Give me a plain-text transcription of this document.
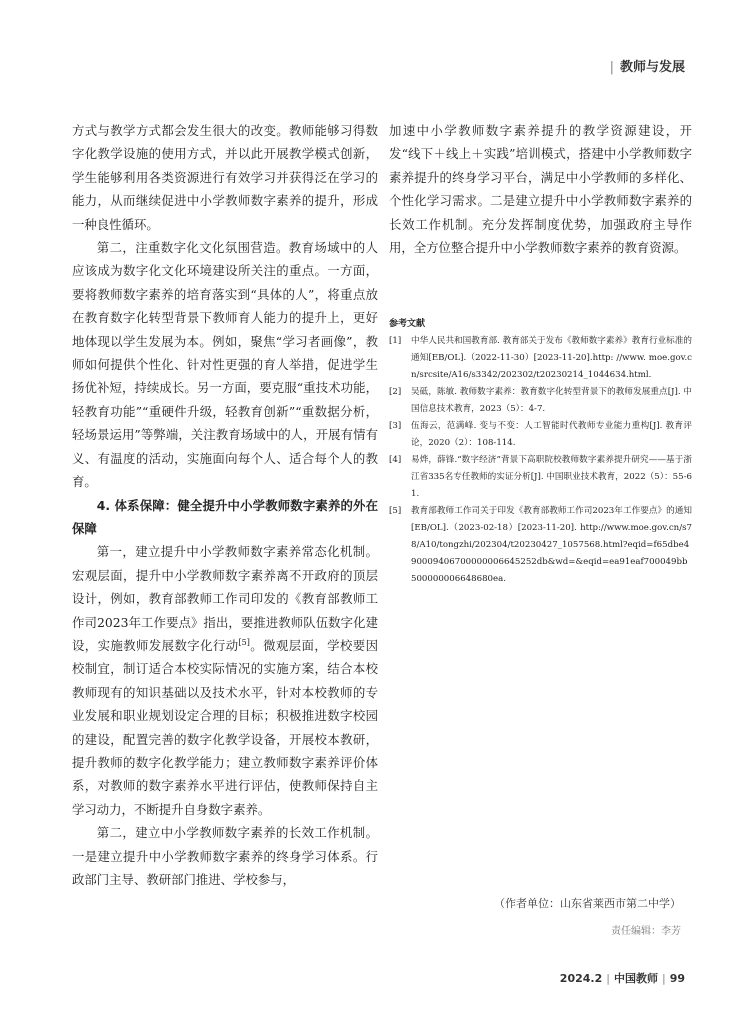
| 教师与发展

方式与教学方式都会发生很大的改变。教师能够习得数字化教学设施的使用方式，并以此开展教学模式创新，学生能够利用各类资源进行有效学习并获得泛在学习的能力，从而继续促进中小学教师数字素养的提升，形成一种良性循环。

第二，注重数字化文化氛围营造。教育场域中的人应该成为数字化文化环境建设所关注的重点。一方面，要将教师数字素养的培育落实到“具体的人”，将重点放在教育数字化转型背景下教师育人能力的提升上，更好地体现以学生发展为本。例如，聚焦“学习者画像”，教师如何提供个性化、针对性更强的育人举措，促进学生扬优补短，持续成长。另一方面，要克服“重技术功能，轻教育功能”“重硬件升级，轻教育创新”“重数据分析，轻场景运用”等弊端，关注教育场域中的人，开展有情有义、有温度的活动，实施面向每个人、适合每个人的教育。

4. 体系保障：健全提升中小学教师数字素养的外在保障

第一，建立提升中小学教师数字素养常态化机制。宏观层面，提升中小学教师数字素养离不开政府的顶层设计，例如，教育部教师工作司印发的《教育部教师工作司2023年工作要点》指出，要推进教师队伍数字化建设，实施教师发展数字化行动[5]。微观层面，学校要因校制宜，制订适合本校实际情况的实施方案，结合本校教师现有的知识基础以及技术水平，针对本校教师的专业发展和职业规划设定合理的目标；积极推进数字校园的建设，配置完善的数字化教学设备，开展校本教研，提升教师的数字化教学能力；建立教师数字素养评价体系，对教师的数字素养水平进行评估，使教师保持自主学习动力，不断提升自身数字素养。

第二，建立中小学教师数字素养的长效工作机制。一是建立提升中小学教师数字素养的终身学习体系。行政部门主导、教研部门推进、学校参与，

加速中小学教师数字素养提升的教学资源建设，开发“线下＋线上＋实践”培训模式，搭建中小学教师数字素养提升的终身学习平台，满足中小学教师的多样化、个性化学习需求。二是建立提升中小学教师数字素养的长效工作机制。充分发挥制度优势，加强政府主导作用，全方位整合提升中小学教师数字素养的教育资源。

参考文献
[1]	中华人民共和国教育部. 教育部关于发布《教师数字素养》教育行业标准的通知[EB/OL].（2022-11-30）[2023-11-20].http: //www. moe.gov.cn/srcsite/A16/s3342/202302/t20230214_1044634.html.
[2]	吴砥，陈敏. 教师数字素养：教育数字化转型背景下的教师发展重点[J]. 中国信息技术教育，2023（5）：4-7.
[3]	伍海云，范满峰. 变与不变：人工智能时代教师专业能力重构[J]. 教育评论，2020（2）：108-114.
[4]	易烨，薛锋.“数字经济”背景下高职院校教师数字素养提升研究——基于浙江省335名专任教师的实证分析[J]. 中国职业技术教育，2022（5）：55-61.
[5]	教育部教师工作司关于印发《教育部教师工作司2023年工作要点》的通知[EB/OL].（2023-02-18）[2023-11-20]. http://www.moe.gov.cn/s78/A10/tongzhi/202304/t20230427_1057568.html?eqid=f65dbe490009406700000006645252db&wd=&eqid=ea91eaf700049bb500000006648680ea.
（作者单位：山东省莱西市第二中学）
责任编辑：李芳
2024.2 | 中国教师 | 99
